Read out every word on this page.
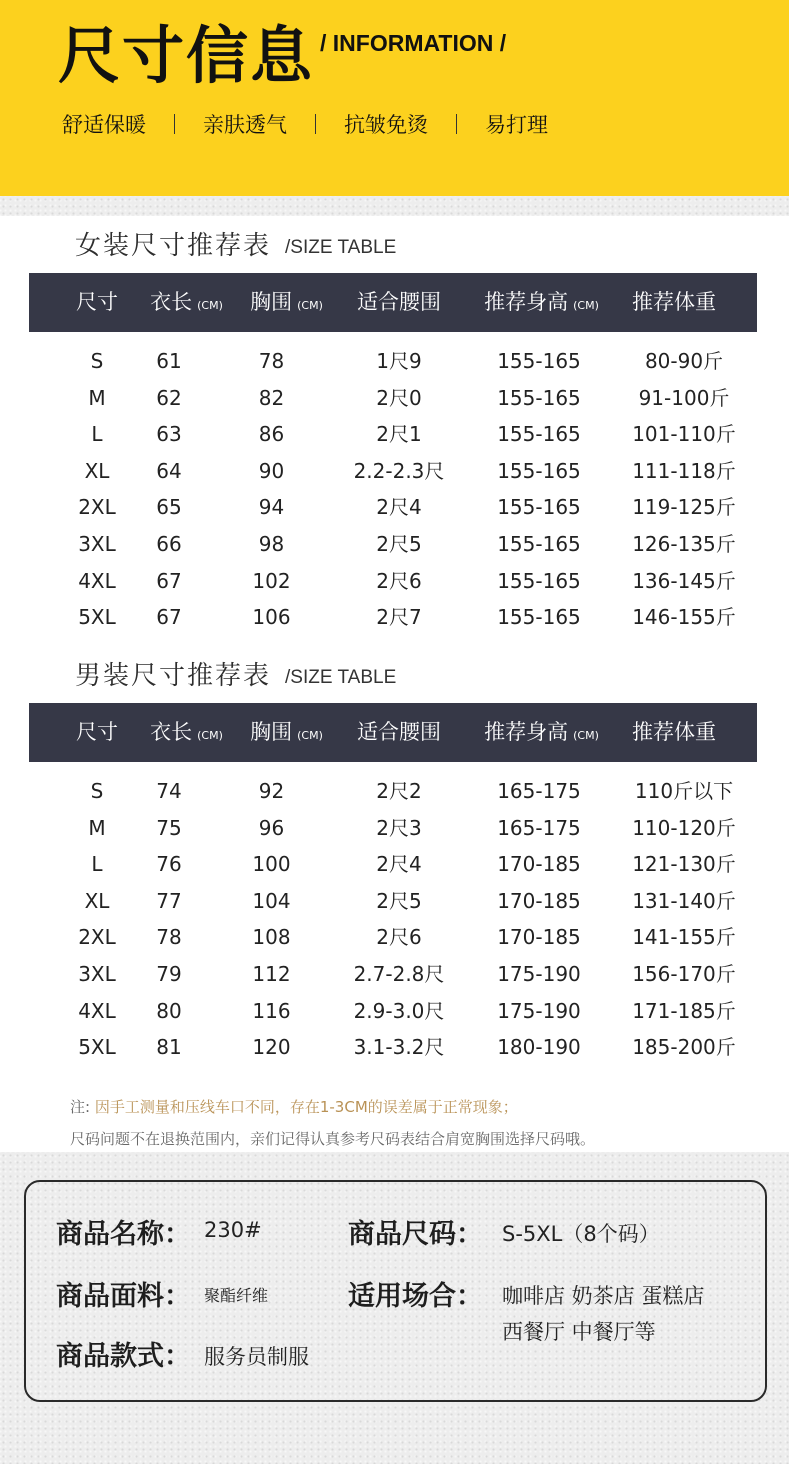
尺寸信息 / INFORMATION /
舒适保暖	亲肤透气	抗皱免烫	易打理
女装尺寸推荐表 /SIZE TABLE
尺寸	衣长 (CM)	胸围 (CM)	适合腰围	推荐身高 (CM)	推荐体重
S	61	78	1尺9	155-165	80-90斤
M	62	82	2尺0	155-165	91-100斤
L	63	86	2尺1	155-165	101-110斤
XL	64	90	2.2-2.3尺	155-165	111-118斤
2XL	65	94	2尺4	155-165	119-125斤
3XL	66	98	2尺5	155-165	126-135斤
4XL	67	102	2尺6	155-165	136-145斤
5XL	67	106	2尺7	155-165	146-155斤
男装尺寸推荐表 /SIZE TABLE
尺寸	衣长 (CM)	胸围 (CM)	适合腰围	推荐身高 (CM)	推荐体重
S	74	92	2尺2	165-175	110斤以下
M	75	96	2尺3	165-175	110-120斤
L	76	100	2尺4	170-185	121-130斤
XL	77	104	2尺5	170-185	131-140斤
2XL	78	108	2尺6	170-185	141-155斤
3XL	79	112	2.7-2.8尺	175-190	156-170斤
4XL	80	116	2.9-3.0尺	175-190	171-185斤
5XL	81	120	3.1-3.2尺	180-190	185-200斤
注: 因手工测量和压线车口不同，存在1-3CM的误差属于正常现象；
尺码问题不在退换范围内，亲们记得认真参考尺码表结合肩宽胸围选择尺码哦。
商品名称： 230#	商品尺码： S-5XL（8个码）
商品面料： 聚酯纤维	适用场合： 咖啡店 奶茶店 蛋糕店
西餐厅 中餐厅等
商品款式： 服务员制服
